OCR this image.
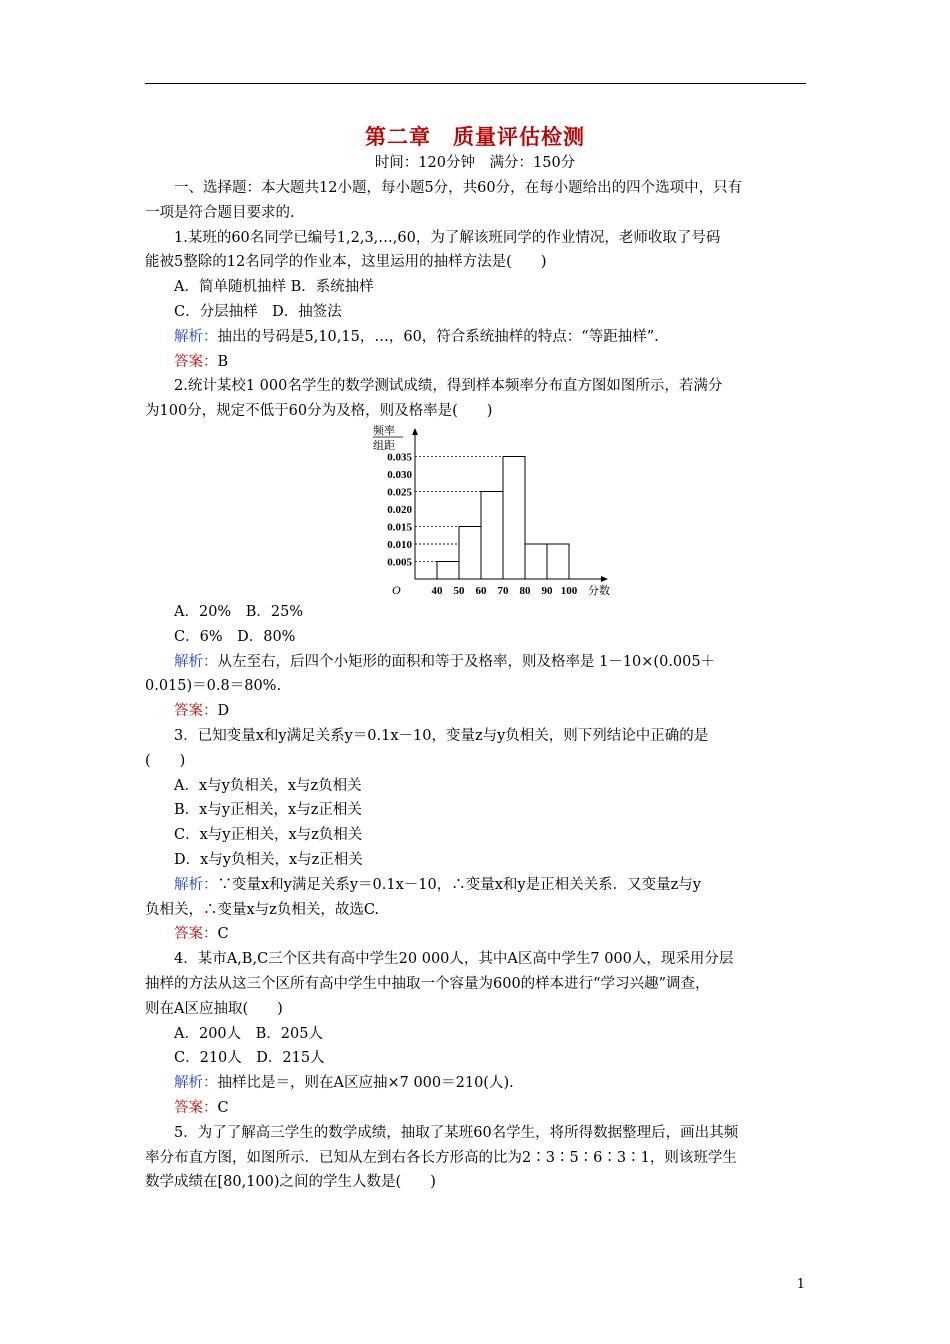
第二章　质量评估检测
时间：120分钟　满分：150分

一、选择题：本大题共12小题，每小题5分，共60分，在每小题给出的四个选项中，只有

一项是符合题目要求的.

1.某班的60名同学已编号1,2,3,…,60，为了解该班同学的作业情况，老师收取了号码

能被5整除的12名同学的作业本，这里运用的抽样方法是(　　)

A．简单随机抽样 B．系统抽样

C．分层抽样　D．抽签法

解析：抽出的号码是5,10,15，…，60，符合系统抽样的特点：“等距抽样”.

答案：B

2.统计某校1 000名学生的数学测试成绩，得到样本频率分布直方图如图所示，若满分

为100分，规定不低于60分为及格，则及格率是(　　)

频率
组距
O	分数
0.005
0.010
0.015
0.020
0.025
0.030
0.035
40 50 60 70 80 90 100

A．20%　B．25%

C．6%　D．80%

解析：从左至右，后四个小矩形的面积和等于及格率，则及格率是 1－10×(0.005＋

0.015)＝0.8＝80%.

答案：D

3．已知变量x和y满足关系y＝0.1x－10，变量z与y负相关，则下列结论中正确的是

(　　)

A．x与y负相关，x与z负相关

B．x与y正相关，x与z正相关

C．x与y正相关，x与z负相关

D．x与y负相关，x与z正相关

解析：∵变量x和y满足关系y＝0.1x－10，∴变量x和y是正相关关系．又变量z与y

负相关，∴变量x与z负相关，故选C.

答案：C

4．某市A,B,C三个区共有高中学生20 000人，其中A区高中学生7 000人，现采用分层

抽样的方法从这三个区所有高中学生中抽取一个容量为600的样本进行“学习兴趣”调查，

则在A区应抽取(　　)

A．200人　B．205人

C．210人　D．215人

解析：抽样比是＝，则在A区应抽×7 000＝210(人).

答案：C

5．为了了解高三学生的数学成绩，抽取了某班60名学生，将所得数据整理后，画出其频

率分布直方图，如图所示．已知从左到右各长方形高的比为2∶3∶5∶6∶3∶1，则该班学生

数学成绩在[80,100)之间的学生人数是(　　)

1
